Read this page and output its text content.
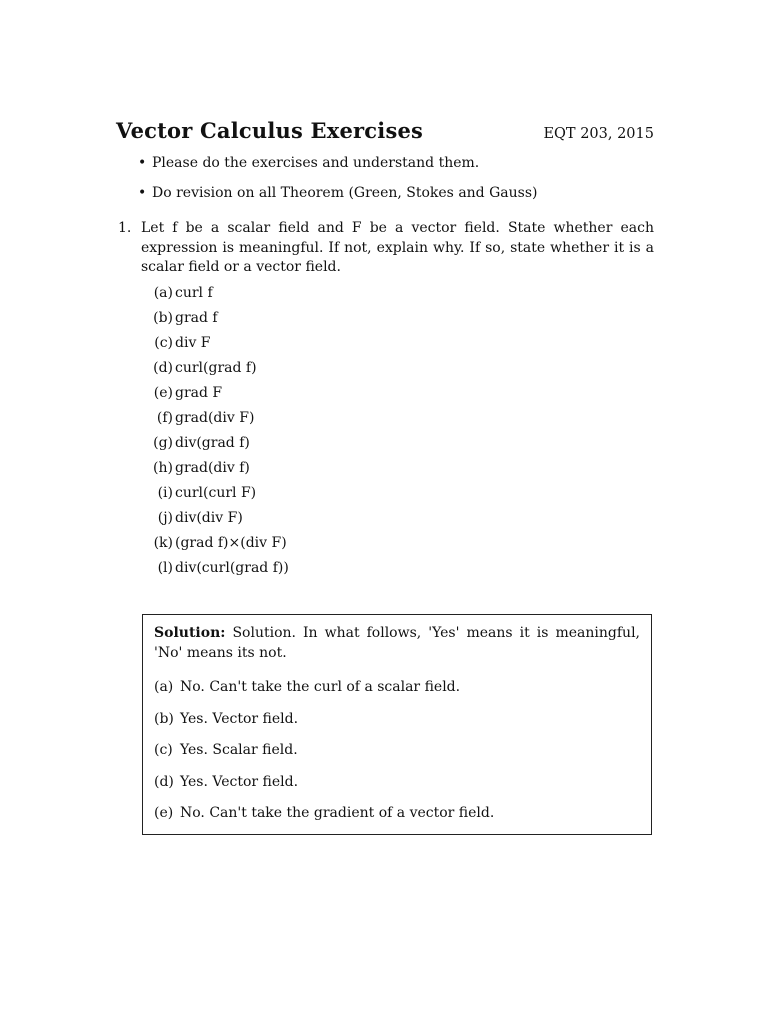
Vector Calculus Exercises	EQT 203, 2015
• Please do the exercises and understand them.
• Do revision on all Theorem (Green, Stokes and Gauss)
1. Let f be a scalar field and F be a vector field. State whether each expression is meaningful. If not, explain why. If so, state whether it is a scalar field or a vector field.
(a) curl f
(b) grad f
(c) div F
(d) curl(grad f)
(e) grad F
(f) grad(div F)
(g) div(grad f)
(h) grad(div f)
(i) curl(curl F)
(j) div(div F)
(k) (grad f)×(div F)
(l) div(curl(grad f))
Solution: Solution. In what follows, 'Yes' means it is meaningful, 'No' means its not.
(a) No. Can't take the curl of a scalar field.
(b) Yes. Vector field.
(c) Yes. Scalar field.
(d) Yes. Vector field.
(e) No. Can't take the gradient of a vector field.
